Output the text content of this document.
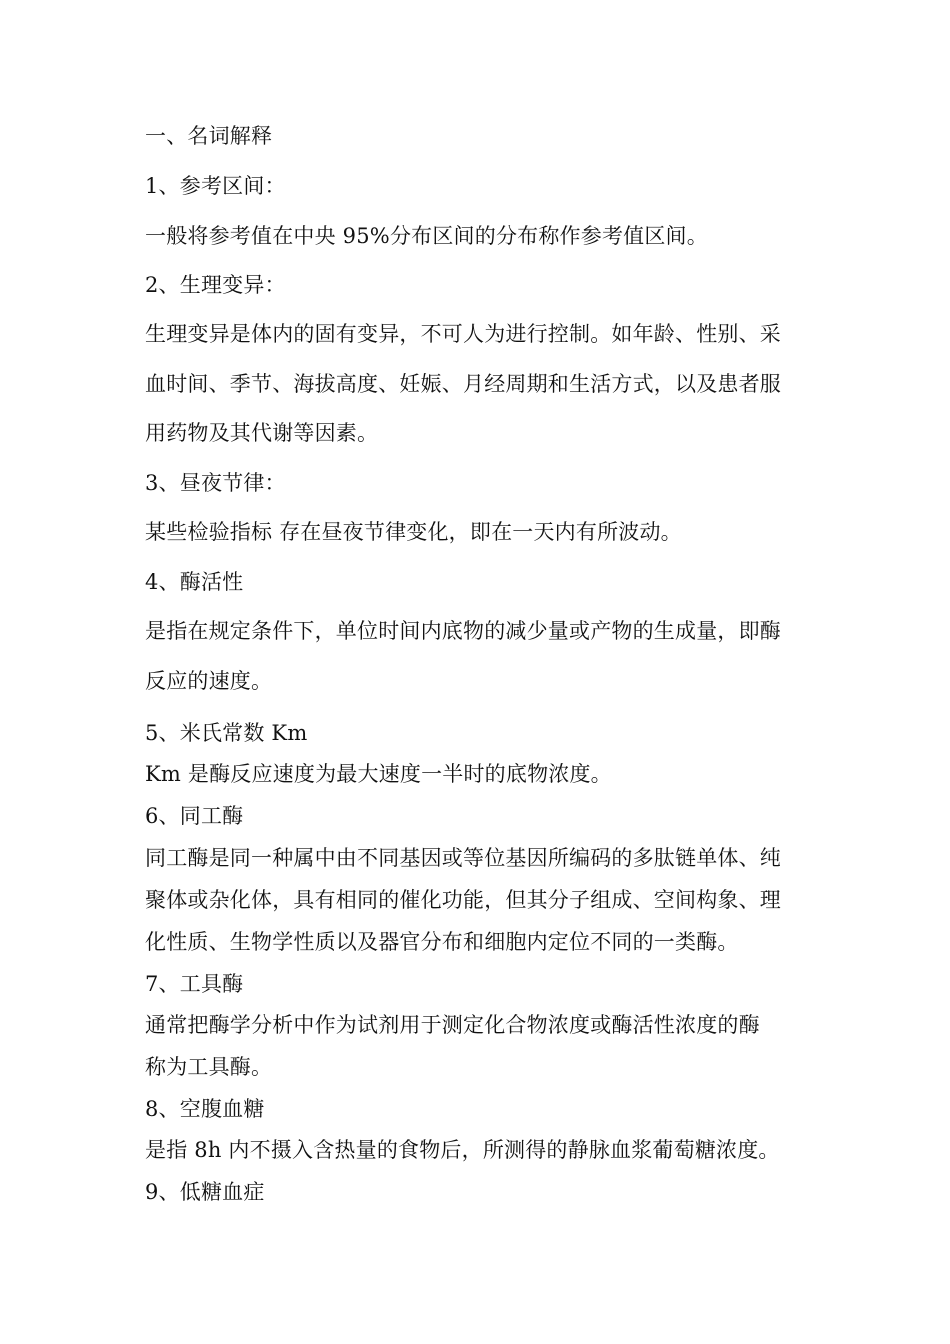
一、名词解释
1、参考区间：
一般将参考值在中央 95%分布区间的分布称作参考值区间。
2、生理变异：
生理变异是体内的固有变异，不可人为进行控制。如年龄、性别、采
血时间、季节、海拔高度、妊娠、月经周期和生活方式，以及患者服
用药物及其代谢等因素。
3、昼夜节律：
某些检验指标 存在昼夜节律变化，即在一天内有所波动。
4、酶活性
是指在规定条件下，单位时间内底物的减少量或产物的生成量，即酶
反应的速度。
5、米氏常数 Km
Km 是酶反应速度为最大速度一半时的底物浓度。
6、同工酶
同工酶是同一种属中由不同基因或等位基因所编码的多肽链单体、纯
聚体或杂化体，具有相同的催化功能，但其分子组成、空间构象、理
化性质、生物学性质以及器官分布和细胞内定位不同的一类酶。
7、工具酶
通常把酶学分析中作为试剂用于测定化合物浓度或酶活性浓度的酶
称为工具酶。
8、空腹血糖
是指 8h 内不摄入含热量的食物后，所测得的静脉血浆葡萄糖浓度。
9、低糖血症
